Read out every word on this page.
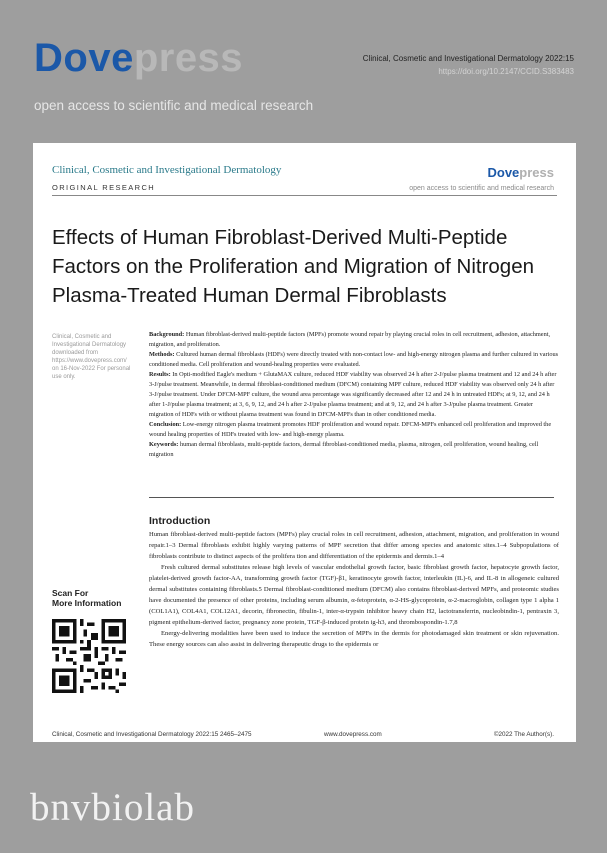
Dovepress
open access to scientific and medical research
Clinical, Cosmetic and Investigational Dermatology 2022:15
https://doi.org/10.2147/CCID.S383483
Clinical, Cosmetic and Investigational Dermatology
ORIGINAL RESEARCH
Dovepress
open access to scientific and medical research
Effects of Human Fibroblast-Derived Multi-Peptide Factors on the Proliferation and Migration of Nitrogen Plasma-Treated Human Dermal Fibroblasts
Clinical, Cosmetic and Investigational Dermatology downloaded from https://www.dovepress.com/ on 16-Nov-2022 For personal use only.

Background: Human fibroblast-derived multi-peptide factors (MPFs) promote wound repair by playing crucial roles in cell recruitment, adhesion, attachment, migration, and proliferation.

Methods: Cultured human dermal fibroblasts (HDFs) were directly treated with non-contact low- and high-energy nitrogen plasma and further cultured in various conditioned media. Cell proliferation and wound-healing properties were evaluated.

Results: In Opti-modified Eagle's medium + GlutaMAX culture, reduced HDF viability was observed 24 h after 2-J/pulse plasma treatment and 12 and 24 h after 3-J/pulse treatment. Meanwhile, in dermal fibroblast-conditioned medium (DFCM) containing MPF culture, reduced HDF viability was observed only 24 h after 3-J/pulse treatment. Under DFCM-MPF culture, the wound area percentage was significantly decreased after 12 and 24 h in untreated HDFs; at 9, 12, and 24 h after 1-J/pulse plasma treatment; at 3, 6, 9, 12, and 24 h after 2-J/pulse plasma treatment; and at 9, 12, and 24 h after 3-J/pulse plasma treatment. Greater migration of HDFs with or without plasma treatment was found in DFCM-MPFs than in other conditioned media.

Conclusion: Low-energy nitrogen plasma treatment promotes HDF proliferation and wound repair. DFCM-MPFs enhanced cell proliferation and improved the wound healing properties of HDFs treated with low- and high-energy plasma.

Keywords: human dermal fibroblasts, multi-peptide factors, dermal fibroblast-conditioned media, plasma, nitrogen, cell proliferation, wound healing, cell migration

Scan For
More Information
Introduction

Human fibroblast-derived multi-peptide factors (MPFs) play crucial roles in cell recruitment, adhesion, attachment, migration, and proliferation in wound repair.1–3 Dermal fibroblasts exhibit highly varying patterns of MPF secretion that differ among species and anatomic sites.1–4 Subpopulations of fibroblasts contribute to distinct aspects of the prolifera tion and differentiation of the epidermis and dermis.1–4

Fresh cultured dermal substitutes release high levels of vascular endothelial growth factor, basic fibroblast growth factor, hepatocyte growth factor, platelet-derived growth factor-AA, transforming growth factor (TGF)-β1, keratinocyte growth factor, interleukin (IL)-6, and IL-8 in allogeneic cultured dermal substitutes containing fibroblasts.5 Dermal fibroblast-conditioned medium (DFCM) also contains fibroblast-derived MPFs, and proteomic studies have documented the presence of other proteins, including serum albumin, α-fetoprotein, α-2-HS-glycoprotein, α-2-macroglobin, collagen type 1 alpha 1 (COL1A1), COL4A1, COL12A1, decorin, fibronectin, fibulin-1, inter-α-trypsin inhibitor heavy chain H2, lactotransferrin, nucleobindin-1, pentraxin 3, pigment epithelium-derived factor, pregnancy zone protein, TGF-β-induced protein ig-h3, and thrombospondin-1.7,8

Energy-delivering modalities have been used to induce the secretion of MPFs in the dermis for photodamaged skin treatment or skin rejuvenation. These energy sources can also assist in delivering therapeutic drugs to the epidermis or

Clinical, Cosmetic and Investigational Dermatology 2022:15 2465–2475	www.dovepress.com	©2022 The Author(s).
bnvbiolab
